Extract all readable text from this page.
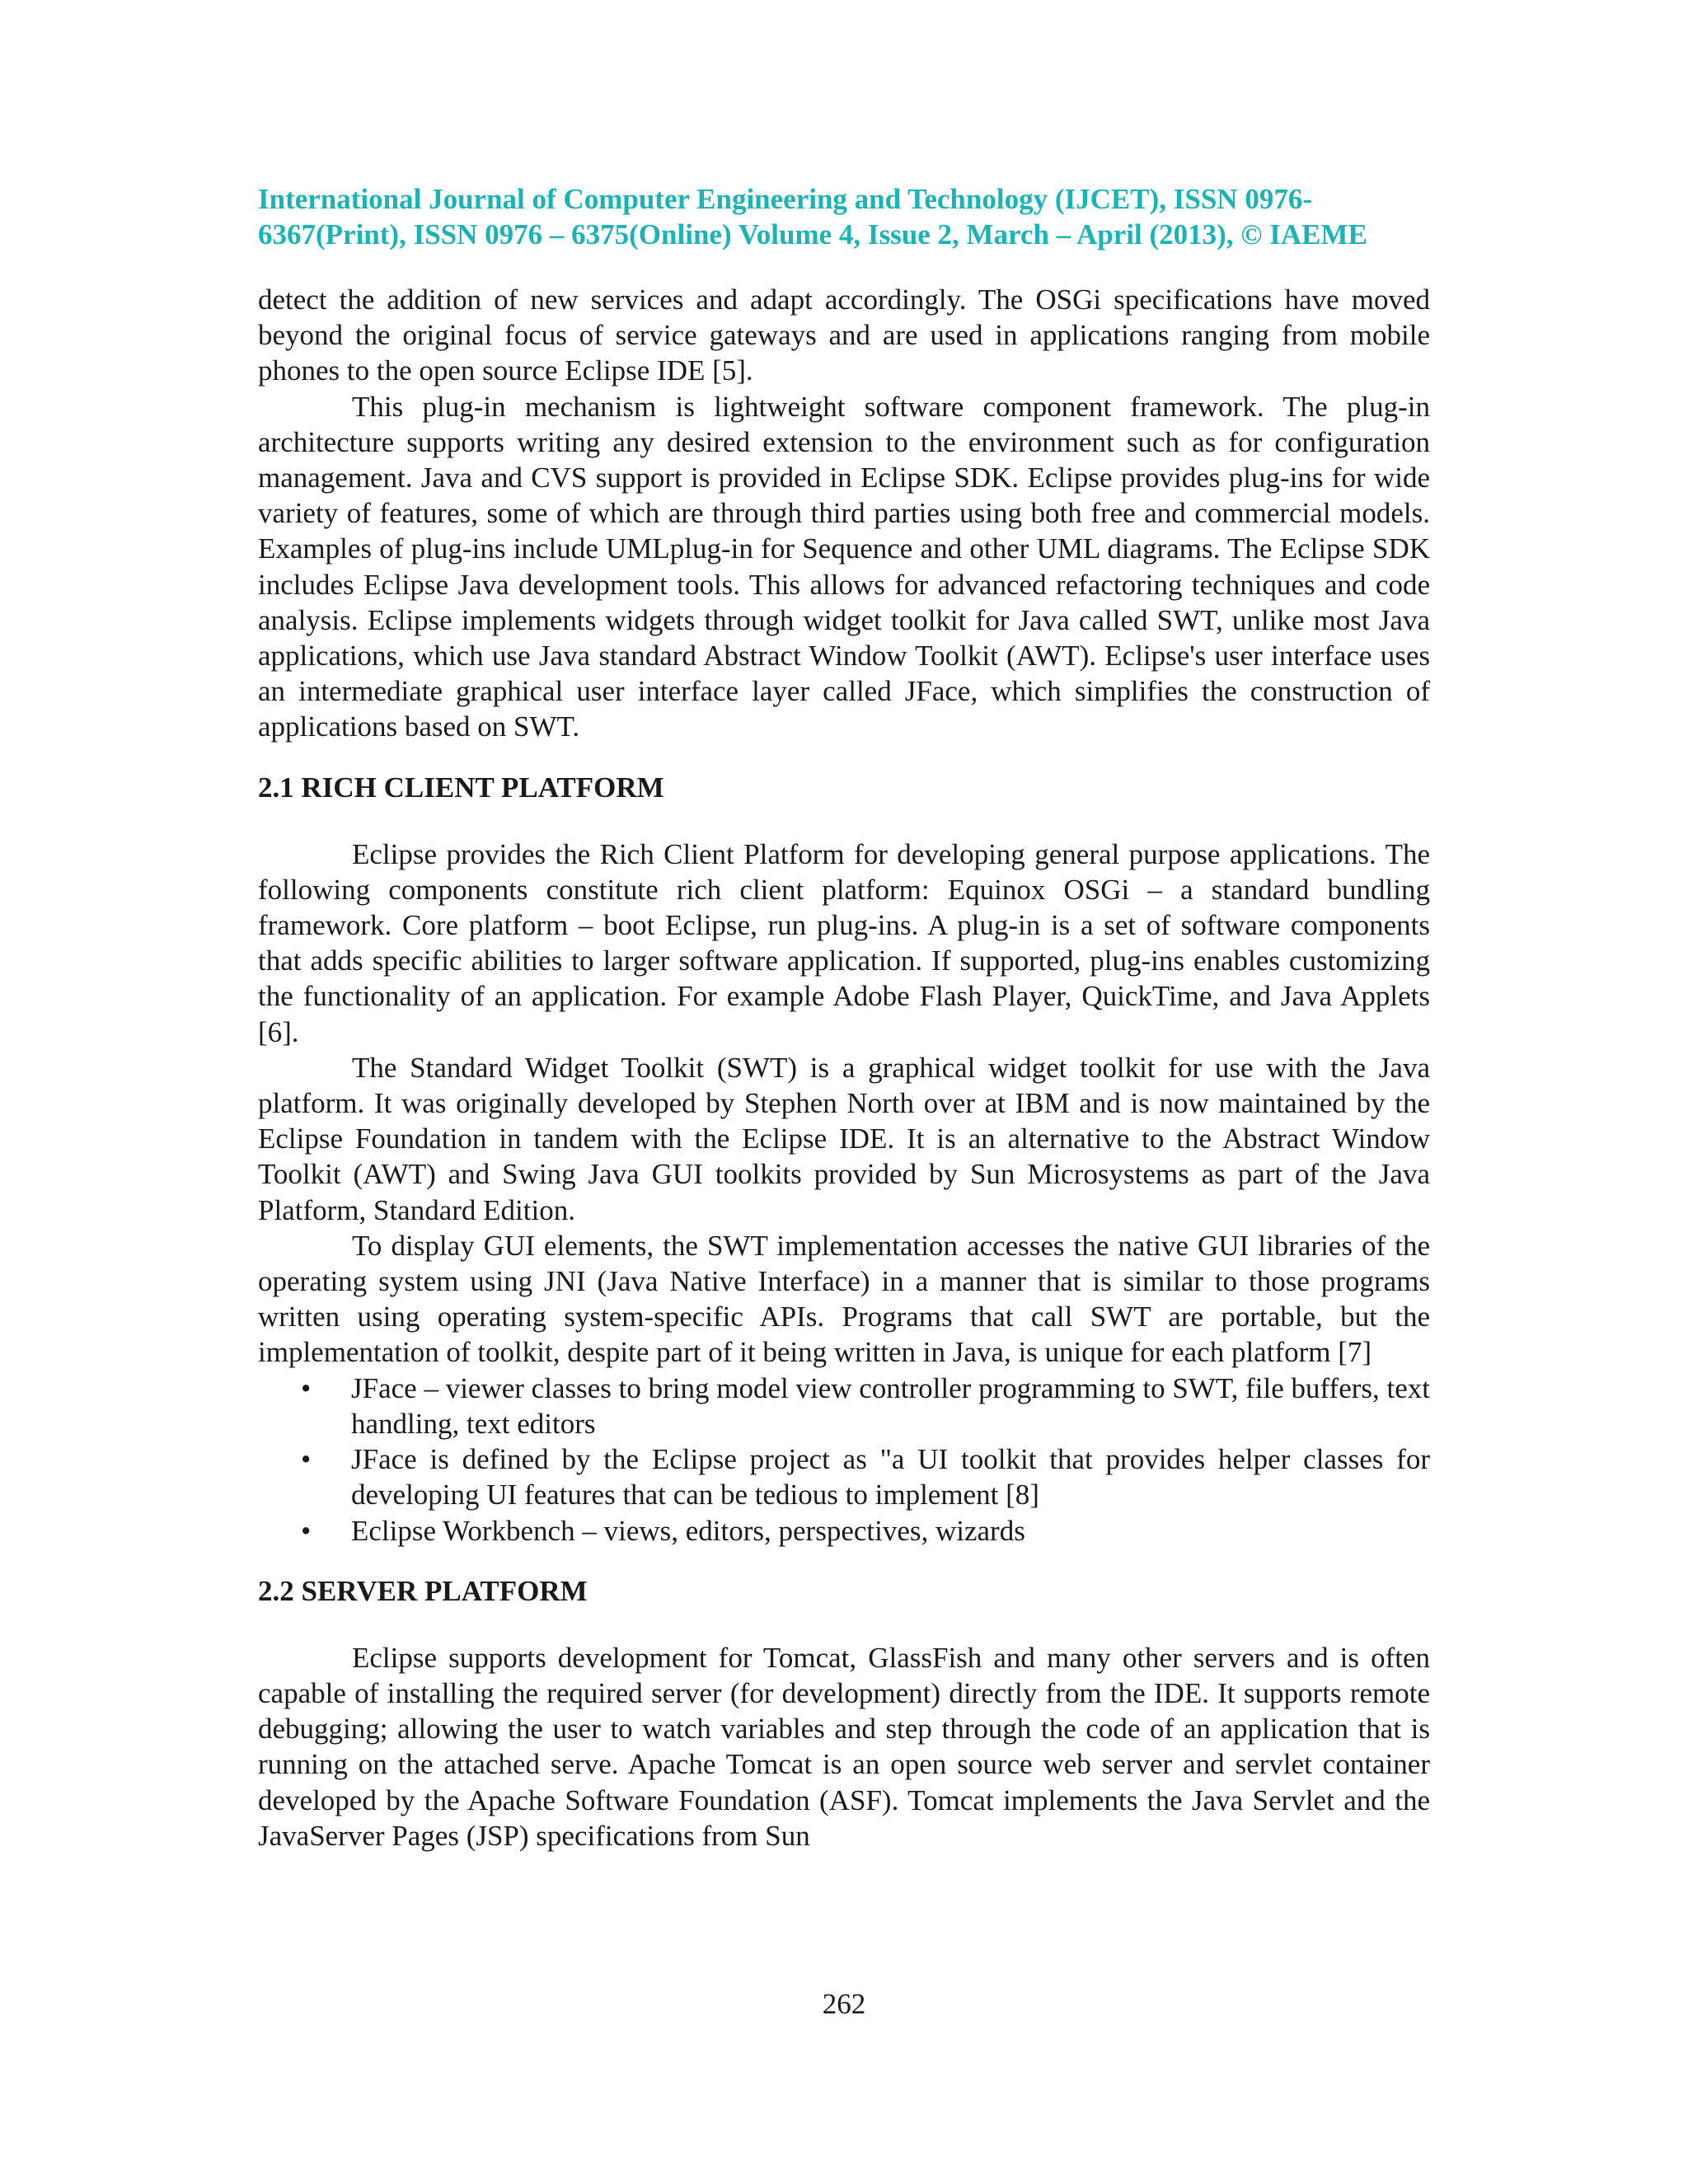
International Journal of Computer Engineering and Technology (IJCET), ISSN 0976-
6367(Print), ISSN 0976 – 6375(Online) Volume 4, Issue 2, March – April (2013), © IAEME

detect the addition of new services and adapt accordingly. The OSGi specifications have moved beyond the original focus of service gateways and are used in applications ranging from mobile phones to the open source Eclipse IDE [5].

This plug-in mechanism is lightweight software component framework. The plug-in architecture supports writing any desired extension to the environment such as for configuration management. Java and CVS support is provided in Eclipse SDK. Eclipse provides plug-ins for wide variety of features, some of which are through third parties using both free and commercial models. Examples of plug-ins include UMLplug-in for Sequence and other UML diagrams. The Eclipse SDK includes Eclipse Java development tools. This allows for advanced refactoring techniques and code analysis. Eclipse implements widgets through widget toolkit for Java called SWT, unlike most Java applications, which use Java standard Abstract Window Toolkit (AWT). Eclipse's user interface uses an intermediate graphical user interface layer called JFace, which simplifies the construction of applications based on SWT.

2.1 RICH CLIENT PLATFORM

Eclipse provides the Rich Client Platform for developing general purpose applications. The following components constitute rich client platform: Equinox OSGi – a standard bundling framework. Core platform – boot Eclipse, run plug-ins. A plug-in is a set of software components that adds specific abilities to larger software application. If supported, plug-ins enables customizing the functionality of an application. For example Adobe Flash Player, QuickTime, and Java Applets [6].

The Standard Widget Toolkit (SWT) is a graphical widget toolkit for use with the Java platform. It was originally developed by Stephen North over at IBM and is now maintained by the Eclipse Foundation in tandem with the Eclipse IDE. It is an alternative to the Abstract Window Toolkit (AWT) and Swing Java GUI toolkits provided by Sun Microsystems as part of the Java Platform, Standard Edition.

To display GUI elements, the SWT implementation accesses the native GUI libraries of the operating system using JNI (Java Native Interface) in a manner that is similar to those programs written using operating system-specific APIs. Programs that call SWT are portable, but the implementation of toolkit, despite part of it being written in Java, is unique for each platform [7]

• JFace – viewer classes to bring model view controller programming to SWT, file buffers, text handling, text editors
• JFace is defined by the Eclipse project as "a UI toolkit that provides helper classes for developing UI features that can be tedious to implement [8]
• Eclipse Workbench – views, editors, perspectives, wizards
2.2 SERVER PLATFORM

Eclipse supports development for Tomcat, GlassFish and many other servers and is often capable of installing the required server (for development) directly from the IDE. It supports remote debugging; allowing the user to watch variables and step through the code of an application that is running on the attached serve. Apache Tomcat is an open source web server and servlet container developed by the Apache Software Foundation (ASF). Tomcat implements the Java Servlet and the JavaServer Pages (JSP) specifications from Sun

262
